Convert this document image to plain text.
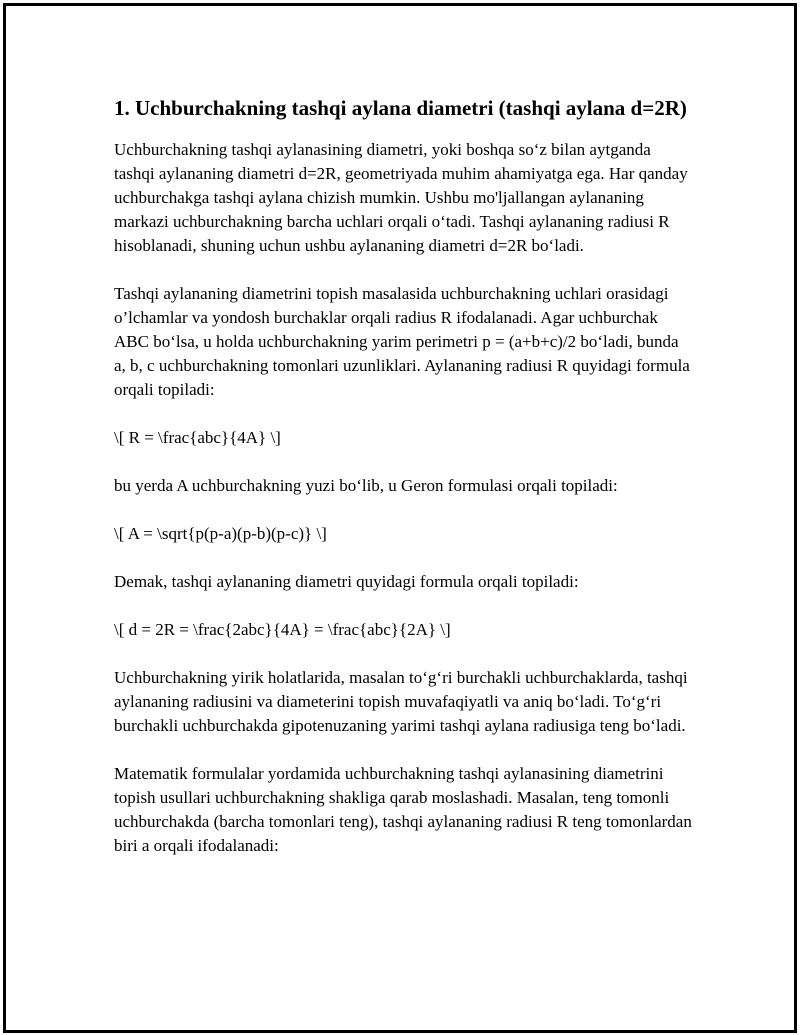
1. Uchburchakning tashqi aylana diametri (tashqi aylana d=2R)

Uchburchakning tashqi aylanasining diametri, yoki boshqa so‘z bilan aytganda tashqi aylananing diametri d=2R, geometriyada muhim ahamiyatga ega. Har qanday uchburchakga tashqi aylana chizish mumkin. Ushbu mo'ljallangan aylananing markazi uchburchakning barcha uchlari orqali o‘tadi. Tashqi aylananing radiusi R hisoblanadi, shuning uchun ushbu aylananing diametri d=2R bo‘ladi.

Tashqi aylananing diametrini topish masalasida uchburchakning uchlari orasidagi o’lchamlar va yondosh burchaklar orqali radius R ifodalanadi. Agar uchburchak ABC bo‘lsa, u holda uchburchakning yarim perimetri p = (a+b+c)/2 bo‘ladi, bunda a, b, c uchburchakning tomonlari uzunliklari. Aylananing radiusi R quyidagi formula orqali topiladi:

\[ R = \frac{abc}{4A} \]

bu yerda A uchburchakning yuzi bo‘lib, u Geron formulasi orqali topiladi:

\[ A = \sqrt{p(p-a)(p-b)(p-c)} \]

Demak, tashqi aylananing diametri quyidagi formula orqali topiladi:

\[ d = 2R = \frac{2abc}{4A} = \frac{abc}{2A} \]

Uchburchakning yirik holatlarida, masalan to‘g‘ri burchakli uchburchaklarda, tashqi aylananing radiusini va diameterini topish muvafaqiyatli va aniq bo‘ladi. To‘g‘ri burchakli uchburchakda gipotenuzaning yarimi tashqi aylana radiusiga teng bo‘ladi.

Matematik formulalar yordamida uchburchakning tashqi aylanasining diametrini topish usullari uchburchakning shakliga qarab moslashadi. Masalan, teng tomonli uchburchakda (barcha tomonlari teng), tashqi aylananing radiusi R teng tomonlardan biri a orqali ifodalanadi:
